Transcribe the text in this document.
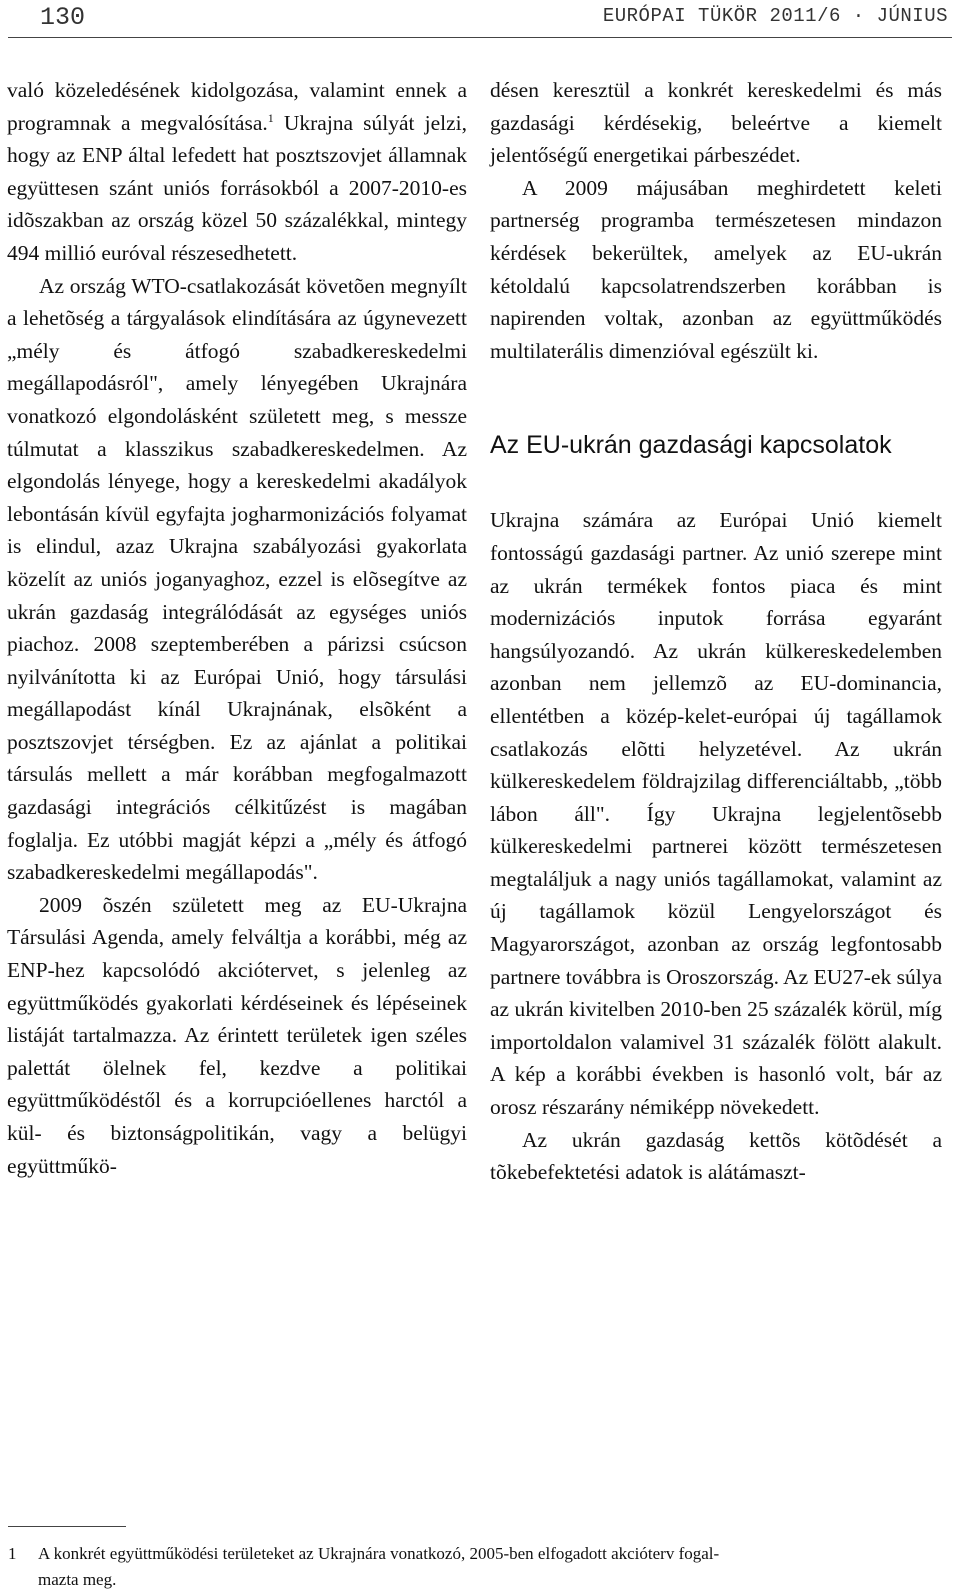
130	EURÓPAI TÜKÖR 2011/6 · JÚNIUS

való közeledésének kidolgozása, valamint ennek a programnak a megvalósítása.$^1$ Ukrajna súlyát jelzi, hogy az ENP által lefedett hat posztszovjet államnak együttesen szánt uniós forrásokból a 2007-2010-es idõszakban az ország közel 50 százalékkal, mintegy 494 millió euróval részesedhetett.

Az ország WTO-csatlakozását követõen megnyílt a lehetõség a tárgyalások elindítására az úgynevezett „mély és átfogó szabadkereskedelmi megállapodásról", amely lényegében Ukrajnára vonatkozó elgondolásként született meg, s messze túlmutat a klasszikus szabadkereskedelmen. Az elgondolás lényege, hogy a kereskedelmi akadályok lebontásán kívül egyfajta jogharmonizációs folyamat is elindul, azaz Ukrajna szabályozási gyakorlata közelít az uniós joganyaghoz, ezzel is elõsegítve az ukrán gazdaság integrálódását az egységes uniós piachoz. 2008 szeptemberében a párizsi csúcson nyilvánította ki az Európai Unió, hogy társulási megállapodást kínál Ukrajnának, elsõként a posztszovjet térségben. Ez az ajánlat a politikai társulás mellett a már korábban megfogalmazott gazdasági integrációs célkitűzést is magában foglalja. Ez utóbbi magját képzi a „mély és átfogó szabadkereskedelmi megállapodás".

2009 õszén született meg az EU-Ukrajna Társulási Agenda, amely felváltja a korábbi, még az ENP-hez kapcsolódó akciótervet, s jelenleg az együttműködés gyakorlati kérdéseinek és lépéseinek listáját tartalmazza. Az érintett területek igen széles palettát ölelnek fel, kezdve a politikai együttműködéstől és a korrupcióellenes harctól a kül- és biztonságpolitikán, vagy a belügyi együttműkö-

désen keresztül a konkrét kereskedelmi és más gazdasági kérdésekig, beleértve a kiemelt jelentőségű energetikai párbeszédet.

A 2009 májusában meghirdetett keleti partnerség programba természetesen mindazon kérdések bekerültek, amelyek az EU-ukrán kétoldalú kapcsolatrendszerben korábban is napirenden voltak, azonban az együttműködés multilaterális dimenzióval egészült ki.

Az EU-ukrán gazdasági kapcsolatok

Ukrajna számára az Európai Unió kiemelt fontosságú gazdasági partner. Az unió szerepe mint az ukrán termékek fontos piaca és mint modernizációs inputok forrása egyaránt hangsúlyozandó. Az ukrán külkereskedelemben azonban nem jellemzõ az EU-dominancia, ellentétben a közép-kelet-európai új tagállamok csatlakozás elõtti helyzetével. Az ukrán külkereskedelem földrajzilag differenciáltabb, „több lábon áll". Így Ukrajna legjelentõsebb külkereskedelmi partnerei között természetesen megtaláljuk a nagy uniós tagállamokat, valamint az új tagállamok közül Lengyelországot és Magyarországot, azonban az ország legfontosabb partnere továbbra is Oroszország. Az EU27-ek súlya az ukrán kivitelben 2010-ben 25 százalék körül, míg importoldalon valamivel 31 százalék fölött alakult. A kép a korábbi években is hasonló volt, bár az orosz részarány némiképp növekedett.

Az ukrán gazdaság kettõs kötõdését a tõkebefektetési adatok is alátámaszt-

1 A konkrét együttműködési területeket az Ukrajnára vonatkozó, 2005-ben elfogadott akcióterv fogal-
mazta meg.
